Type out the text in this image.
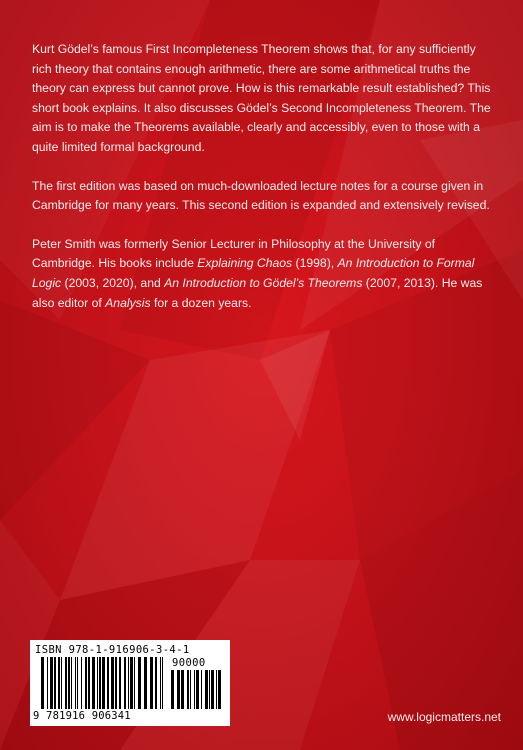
Kurt Gödel’s famous First Incompleteness Theorem shows that, for any sufficiently rich theory that contains enough arithmetic, there are some arithmetical truths the theory can express but cannot prove. How is this remarkable result established? This short book explains. It also discusses Gödel’s Second Incompleteness Theorem. The aim is to make the Theorems available, clearly and accessibly, even to those with a quite limited formal background.

The first edition was based on much-downloaded lecture notes for a course given in Cambridge for many years. This second edition is expanded and extensively revised.

Peter Smith was formerly Senior Lecturer in Philosophy at the University of Cambridge. His books include Explaining Chaos (1998), An Introduction to Formal Logic (2003, 2020), and An Introduction to Gödel’s Theorems (2007, 2013). He was also editor of Analysis for a dozen years.

ISBN 978-1-916906-3-4-1
90000
9 781916 906341	www.logicmatters.net
